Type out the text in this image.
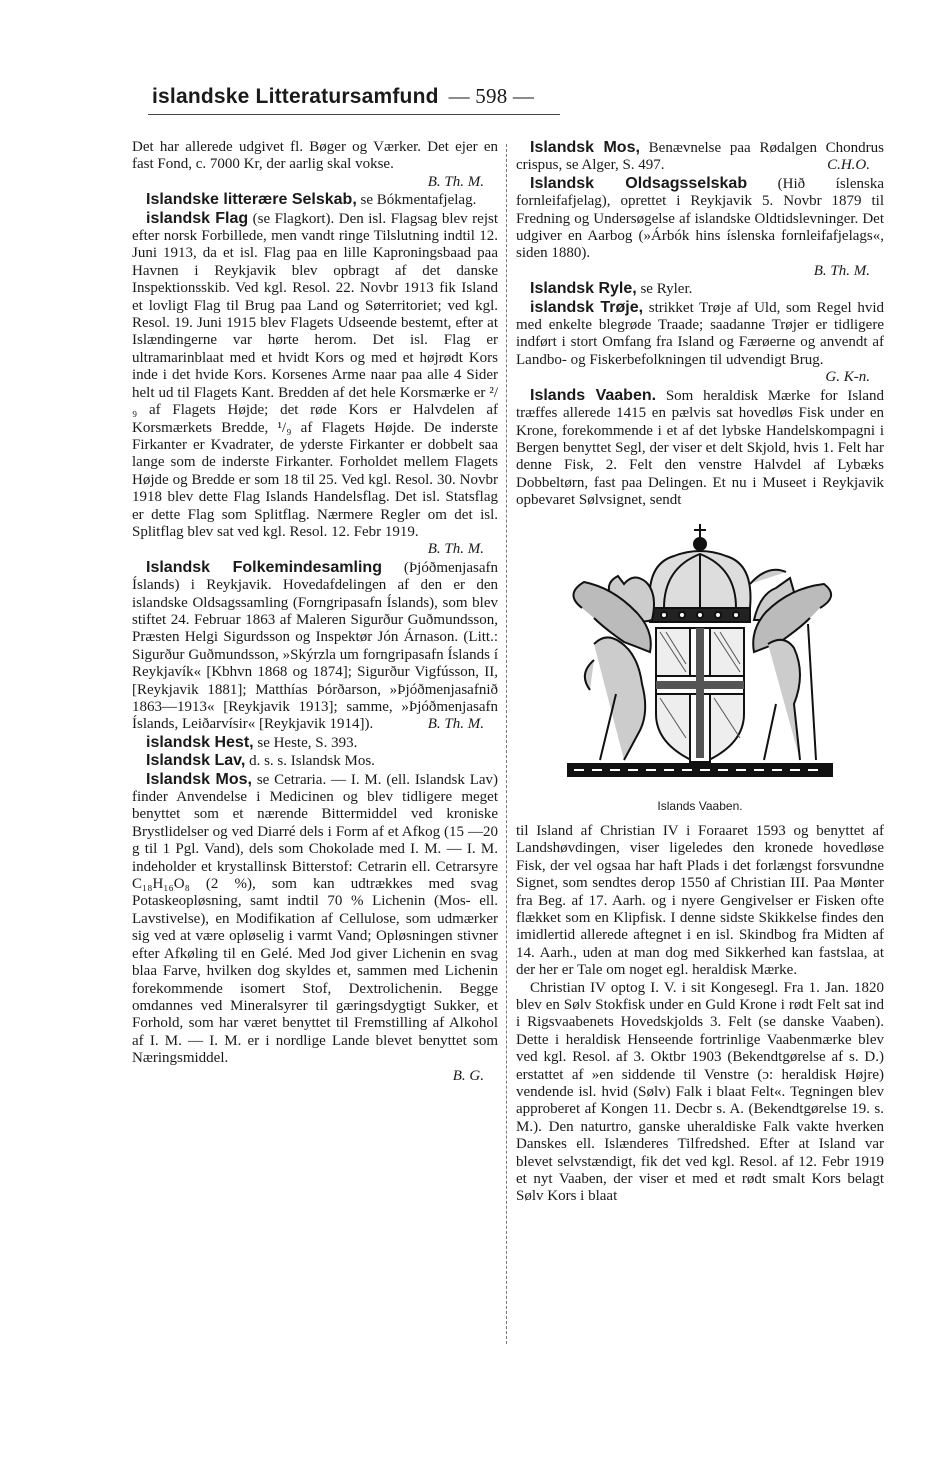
islandske Litteratursamfund — 598 —

Det har allerede udgivet fl. Bøger og Værker. Det ejer en fast Fond, c. 7000 Kr, der aarlig skal vokse.
B. Th. M.

Islandske litterære Selskab, se Bókmentafjelag.

islandsk Flag (se Flagkort). Den isl. Flagsag blev rejst efter norsk Forbillede, men vandt ringe Tilslutning indtil 12. Juni 1913, da et isl. Flag paa en lille Kaproningsbaad paa Havnen i Reykjavik blev opbragt af det danske Inspektionsskib. Ved kgl. Resol. 22. Novbr 1913 fik Island et lovligt Flag til Brug paa Land og Søterritoriet; ved kgl. Resol. 19. Juni 1915 blev Flagets Udseende bestemt, efter at Islændingerne var hørte herom. Det isl. Flag er ultramarinblaat med et hvidt Kors og med et højrødt Kors inde i det hvide Kors. Korsenes Arme naar paa alle 4 Sider helt ud til Flagets Kant. Bredden af det hele Korsmærke er ²/₉ af Flagets Højde; det røde Kors er Halvdelen af Korsmærkets Bredde, ¹/₉ af Flagets Højde. De inderste Firkanter er Kvadrater, de yderste Firkanter er dobbelt saa lange som de inderste Firkanter. Forholdet mellem Flagets Højde og Bredde er som 18 til 25. Ved kgl. Resol. 30. Novbr 1918 blev dette Flag Islands Handelsflag. Det isl. Statsflag er dette Flag som Splitflag. Nærmere Regler om det isl. Splitflag blev sat ved kgl. Resol. 12. Febr 1919.
B. Th. M.

Islandsk Folkemindesamling (Þjóðmenjasafn Íslands) i Reykjavik. Hovedafdelingen af den er den islandske Oldsagssamling (Forngripasafn Íslands), som blev stiftet 24. Februar 1863 af Maleren Sigurður Guðmundsson, Præsten Helgi Sigurdsson og Inspektør Jón Árnason. (Litt.: Sigurður Guðmundsson, »Skýrzla um forngripasafn Íslands í Reykjavík« [Kbhvn 1868 og 1874]; Sigurður Vigfússon, II, [Reykjavik 1881]; Matthías Þórðarson, »Þjóðmenjasafnið 1863—1913« [Reykjavik 1913]; samme, »Þjóðmenjasafn Íslands, Leiðarvísir« [Reykjavik 1914]).	B. Th. M.

islandsk Hest, se Heste, S. 393.

Islandsk Lav, d. s. s. Islandsk Mos.

Islandsk Mos, se Cetraria. — I. M. (ell. Islandsk Lav) finder Anvendelse i Medicinen og blev tidligere meget benyttet som et nærende Bittermiddel ved kroniske Brystlidelser og ved Diarré dels i Form af et Afkog (15 —20 g til 1 Pgl. Vand), dels som Chokolade med I. M. — I. M. indeholder et krystallinsk Bitterstof: Cetrarin ell. Cetrarsyre C₁₈H₁₆O₈ (2 %), som kan udtrækkes med svag Potaskeopløsning, samt indtil 70 % Lichenin (Mos- ell. Lavstivelse), en Modifikation af Cellulose, som udmærker sig ved at være opløselig i varmt Vand; Opløsningen stivner efter Afkøling til en Gelé. Med Jod giver Lichenin en svag blaa Farve, hvilken dog skyldes et, sammen med Lichenin forekommende isomert Stof, Dextrolichenin. Begge omdannes ved Mineralsyrer til gæringsdygtigt Sukker, et Forhold, som har været benyttet til Fremstilling af Alkohol af I. M. — I. M. er i nordlige Lande blevet benyttet som Næringsmiddel.
B. G.

Islandsk Mos, Benævnelse paa Rødalgen Chondrus crispus, se Alger, S. 497.	C.H.O.

Islandsk Oldsagsselskab (Hið íslenska fornleifafjelag), oprettet i Reykjavik 5. Novbr 1879 til Fredning og Undersøgelse af islandske Oldtidslevninger. Det udgiver en Aarbog (»Árbók hins íslenska fornleifafjelags«, siden 1880).
B. Th. M.

Islandsk Ryle, se Ryler.

islandsk Trøje, strikket Trøje af Uld, som Regel hvid med enkelte blegrøde Traade; saadanne Trøjer er tidligere indført i stort Omfang fra Island og Færøerne og anvendt af Landbo- og Fiskerbefolkningen til udvendigt Brug.
G. K-n.

Islands Vaaben. Som heraldisk Mærke for Island træffes allerede 1415 en pælvis sat hovedløs Fisk under en Krone, forekommende i et af det lybske Handelskompagni i Bergen benyttet Segl, der viser et delt Skjold, hvis 1. Felt har denne Fisk, 2. Felt den venstre Halvdel af Lybæks Dobbeltørn, fast paa Delingen. Et nu i Museet i Reykjavik opbevaret Sølvsignet, sendt

Islands Vaaben.

til Island af Christian IV i Foraaret 1593 og benyttet af Landshøvdingen, viser ligeledes den kronede hovedløse Fisk, der vel ogsaa har haft Plads i det forlængst forsvundne Signet, som sendtes derop 1550 af Christian III. Paa Mønter fra Beg. af 17. Aarh. og i nyere Gengivelser er Fisken ofte flækket som en Klipfisk. I denne sidste Skikkelse findes den imidlertid allerede aftegnet i en isl. Skindbog fra Midten af 14. Aarh., uden at man dog med Sikkerhed kan fastslaa, at der her er Tale om noget egl. heraldisk Mærke.

Christian IV optog I. V. i sit Kongesegl. Fra 1. Jan. 1820 blev en Sølv Stokfisk under en Guld Krone i rødt Felt sat ind i Rigsvaabenets Hovedskjolds 3. Felt (se danske Vaaben). Dette i heraldisk Henseende fortrinlige Vaabenmærke blev ved kgl. Resol. af 3. Oktbr 1903 (Bekendtgørelse af s. D.) erstattet af »en siddende til Venstre (ɔ: heraldisk Højre) vendende isl. hvid (Sølv) Falk i blaat Felt«. Tegningen blev approberet af Kongen 11. Decbr s. A. (Bekendtgørelse 19. s. M.). Den naturtro, ganske uheraldiske Falk vakte hverken Danskes ell. Islænderes Tilfredshed. Efter at Island var blevet selvstændigt, fik det ved kgl. Resol. af 12. Febr 1919 et nyt Vaaben, der viser et med et rødt smalt Kors belagt Sølv Kors i blaat
